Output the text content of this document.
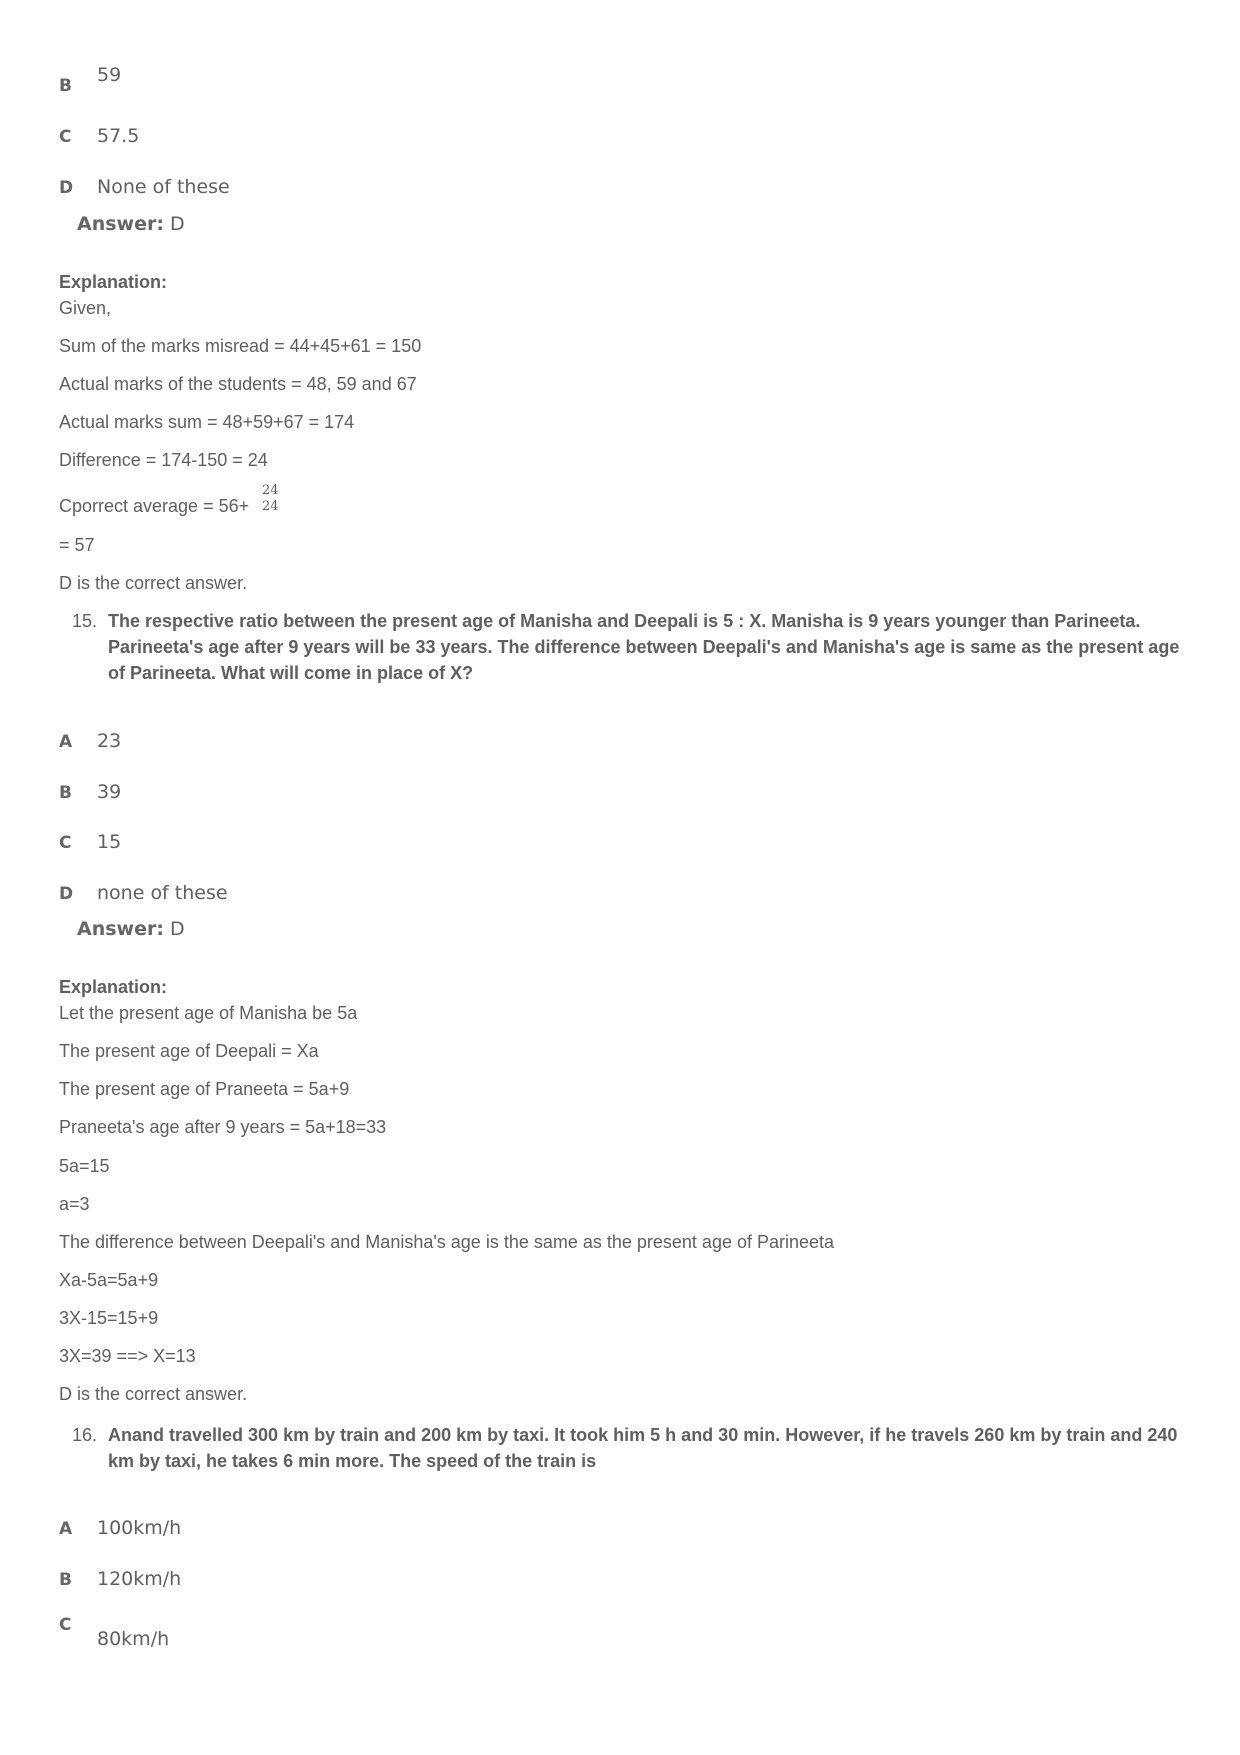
B 59
C 57.5
D None of these
Answer: D
Explanation:
Given,
Sum of the marks misread = 44+45+61 = 150
Actual marks of the students = 48, 59 and 67
Actual marks sum = 48+59+67 = 174
Difference = 174-150 = 24
Cporrect average = 56+
24
24
= 57
D is the correct answer.
15. The respective ratio between the present age of Manisha and Deepali is 5 : X. Manisha is 9 years younger than Parineeta. Parineeta's age after 9 years will be 33 years. The difference between Deepali's and Manisha's age is same as the present age of Parineeta. What will come in place of X?
A 23
B 39
C 15
D none of these
Answer: D
Explanation:
Let the present age of Manisha be 5a
The present age of Deepali = Xa
The present age of Praneeta = 5a+9
Praneeta's age after 9 years = 5a+18=33
5a=15
a=3
The difference between Deepali's and Manisha's age is the same as the present age of Parineeta
Xa-5a=5a+9
3X-15=15+9
3X=39 ==> X=13
D is the correct answer.
16. Anand travelled 300 km by train and 200 km by taxi. It took him 5 h and 30 min. However, if he travels 260 km by train and 240 km by taxi, he takes 6 min more. The speed of the train is
A 100km/h
B 120km/h
C
80km/h
